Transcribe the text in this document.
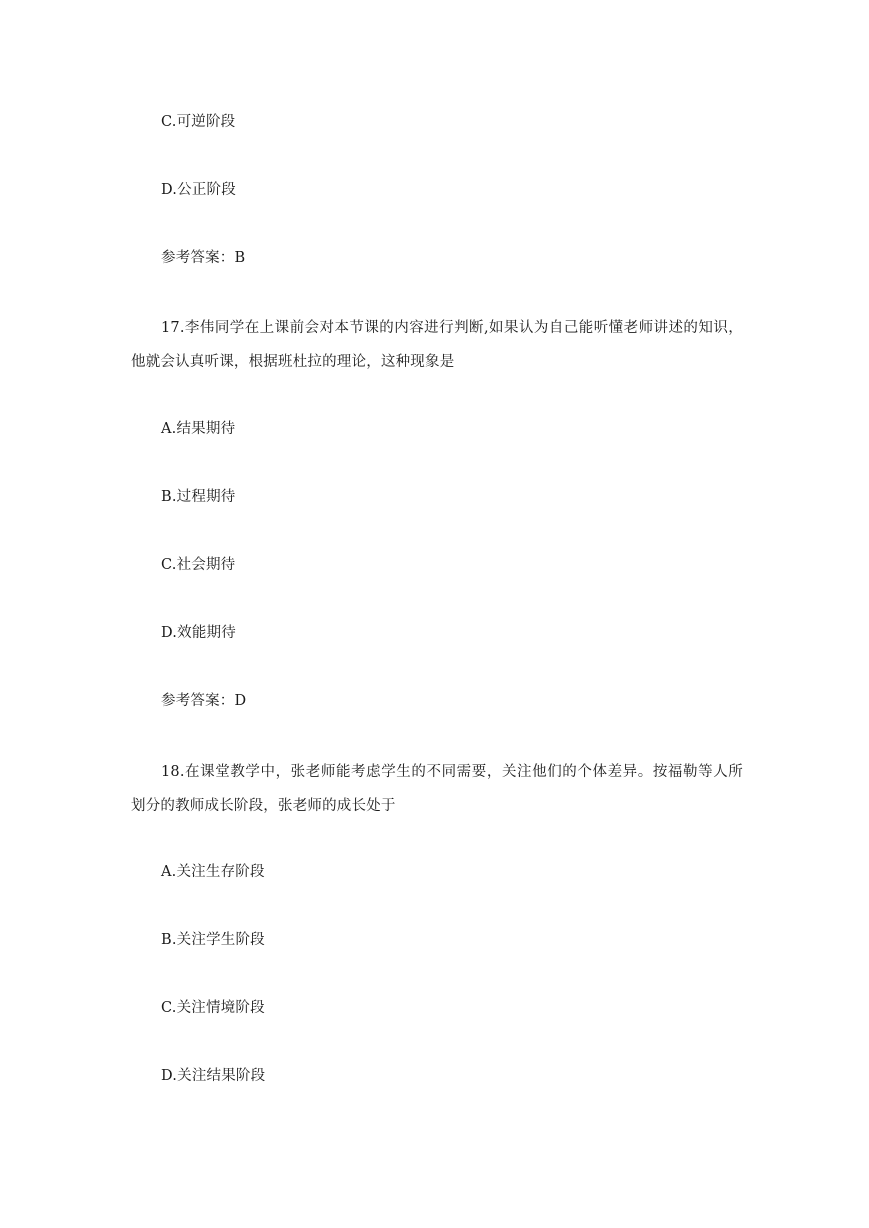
C.可逆阶段
D.公正阶段
参考答案：B
17.李伟同学在上课前会对本节课的内容进行判断,如果认为自己能听懂老师讲述的知识，他就会认真听课，根据班杜拉的理论，这种现象是
A.结果期待
B.过程期待
C.社会期待
D.效能期待
参考答案：D
18.在课堂教学中，张老师能考虑学生的不同需要，关注他们的个体差异。按福勒等人所划分的教师成长阶段，张老师的成长处于
A.关注生存阶段
B.关注学生阶段
C.关注情境阶段
D.关注结果阶段
